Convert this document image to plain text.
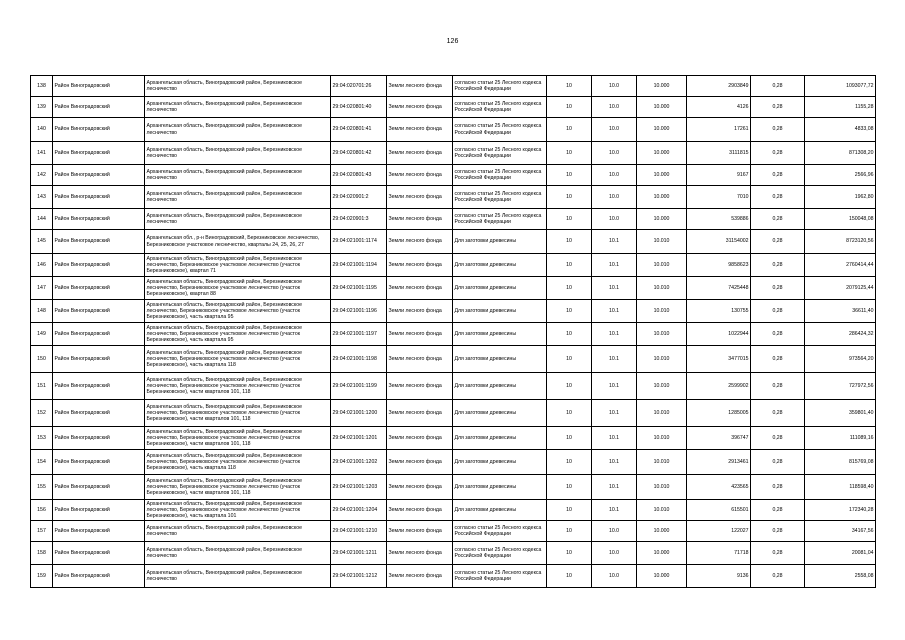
126
138	Район Виноградовский	Архангельская область, Виноградовский район, Березниковское лесничество	29:04:020701:26	Земли лесного фонда	согласно статьи 25 Лесного кодекса Российской Федерации	10	10.0	10.000	2903849	0,28	1093077,72
139	Район Виноградовский	Архангельская область, Виноградовский район, Березниковское лесничество	29:04:020801:40	Земли лесного фонда	согласно статьи 25 Лесного кодекса Российской Федерации	10	10.0	10.000	4126	0,28	1155,28
140	Район Виноградовский	Архангельская область, Виноградовский район, Березниковское лесничество	29:04:020801:41	Земли лесного фонда	согласно статьи 25 Лесного кодекса Российской Федерации	10	10.0	10.000	17261	0,28	4833,08
141	Район Виноградовский	Архангельская область, Виноградовский район, Березниковское лесничество	29:04:020801:42	Земли лесного фонда	согласно статьи 25 Лесного кодекса Российской Федерации	10	10.0	10.000	3111815	0,28	871308,20
142	Район Виноградовский	Архангельская область, Виноградовский район, Березниковское лесничество	29:04:020801:43	Земли лесного фонда	согласно статьи 25 Лесного кодекса Российской Федерации	10	10.0	10.000	9167	0,28	2566,96
143	Район Виноградовский	Архангельская область, Виноградовский район, Березниковское лесничество	29:04:020901:2	Земли лесного фонда	согласно статьи 25 Лесного кодекса Российской Федерации	10	10.0	10.000	7010	0,28	1962,80
144	Район Виноградовский	Архангельская область, Виноградовский район, Березниковское лесничество	29:04:020901:3	Земли лесного фонда	согласно статьи 25 Лесного кодекса Российской Федерации	10	10.0	10.000	539886	0,28	150048,08
145	Район Виноградовский	Архангельская обл., р-н Виноградовский, Березниковское лесничество, Березниковское участковое лесничество, кварталы 24, 25, 26, 27	29:04:021001:1174	Земли лесного фонда	Для заготовки древесины	10	10.1	10.010	31154002	0,28	8723120,56
146	Район Виноградовский	Архангельская область, Виноградовский район, Березниковское лесничество, Березниковское участковое лесничество (участок Березниковское), квартал 71	29:04:021001:1194	Земли лесного фонда	Для заготовки древесины	10	10.1	10.010	9858623	0,28	2760414,44
147	Район Виноградовский	Архангельская область, Виноградовский район, Березниковское лесничество, Березниковское участковое лесничество (участок Березниковское), квартал 88	29:04:021001:1195	Земли лесного фонда	Для заготовки древесины	10	10.1	10.010	7425448	0,28	2079125,44
148	Район Виноградовский	Архангельская область, Виноградовский район, Березниковское лесничество, Березниковское участковое лесничество (участок Березниковское), часть квартала 95	29:04:021001:1196	Земли лесного фонда	Для заготовки древесины	10	10.1	10.010	130755	0,28	36611,40
149	Район Виноградовский	Архангельская область, Виноградовский район, Березниковское лесничество, Березниковское участковое лесничество (участок Березниковское), часть квартала 95	29:04:021001:1197	Земли лесного фонда	Для заготовки древесины	10	10.1	10.010	1022944	0,28	286424,32
150	Район Виноградовский	Архангельская область, Виноградовский район, Березниковское лесничество, Березниковское участковое лесничество (участок Березниковское), часть квартала 118	29:04:021001:1198	Земли лесного фонда	Для заготовки древесины	10	10.1	10.010	3477015	0,28	973564,20
151	Район Виноградовский	Архангельская область, Виноградовский район, Березниковское лесничество, Березниковское участковое лесничество (участок Березниковское), части кварталов 101, 118	29:04:021001:1199	Земли лесного фонда	Для заготовки древесины	10	10.1	10.010	2599902	0,28	727972,56
152	Район Виноградовский	Архангельская область, Виноградовский район, Березниковское лесничество, Березниковское участковое лесничество (участок Березниковское), части кварталов 101, 118	29:04:021001:1200	Земли лесного фонда	Для заготовки древесины	10	10.1	10.010	1285005	0,28	359801,40
153	Район Виноградовский	Архангельская область, Виноградовский район, Березниковское лесничество, Березниковское участковое лесничество (участок Березниковское), части кварталов 101, 118	29:04:021001:1201	Земли лесного фонда	Для заготовки древесины	10	10.1	10.010	396747	0,28	111089,16
154	Район Виноградовский	Архангельская область, Виноградовский район, Березниковское лесничество, Березниковское участковое лесничество (участок Березниковское), часть квартала 118	29:04:021001:1202	Земли лесного фонда	Для заготовки древесины	10	10.1	10.010	2913461	0,28	815769,08
155	Район Виноградовский	Архангельская область, Виноградовский район, Березниковское лесничество, Березниковское участковое лесничество (участок Березниковское), части кварталов 101, 118	29:04:021001:1203	Земли лесного фонда	Для заготовки древесины	10	10.1	10.010	423565	0,28	118598,40
156	Район Виноградовский	Архангельская область, Виноградовский район, Березниковское лесничество, Березниковское участковое лесничество (участок Березниковское), часть квартала 101	29:04:021001:1204	Земли лесного фонда	Для заготовки древесины	10	10.1	10.010	615501	0,28	172340,28
157	Район Виноградовский	Архангельская область, Виноградовский район, Березниковское лесничество	29:04:021001:1210	Земли лесного фонда	согласно статьи 25 Лесного кодекса Российской Федерации	10	10.0	10.000	122027	0,28	34167,56
158	Район Виноградовский	Архангельская область, Виноградовский район, Березниковское лесничество	29:04:021001:1211	Земли лесного фонда	согласно статьи 25 Лесного кодекса Российской Федерации	10	10.0	10.000	71718	0,28	20081,04
159	Район Виноградовский	Архангельская область, Виноградовский район, Березниковское лесничество	29:04:021001:1212	Земли лесного фонда	согласно статьи 25 Лесного кодекса Российской Федерации	10	10.0	10.000	9136	0,28	2558,08
